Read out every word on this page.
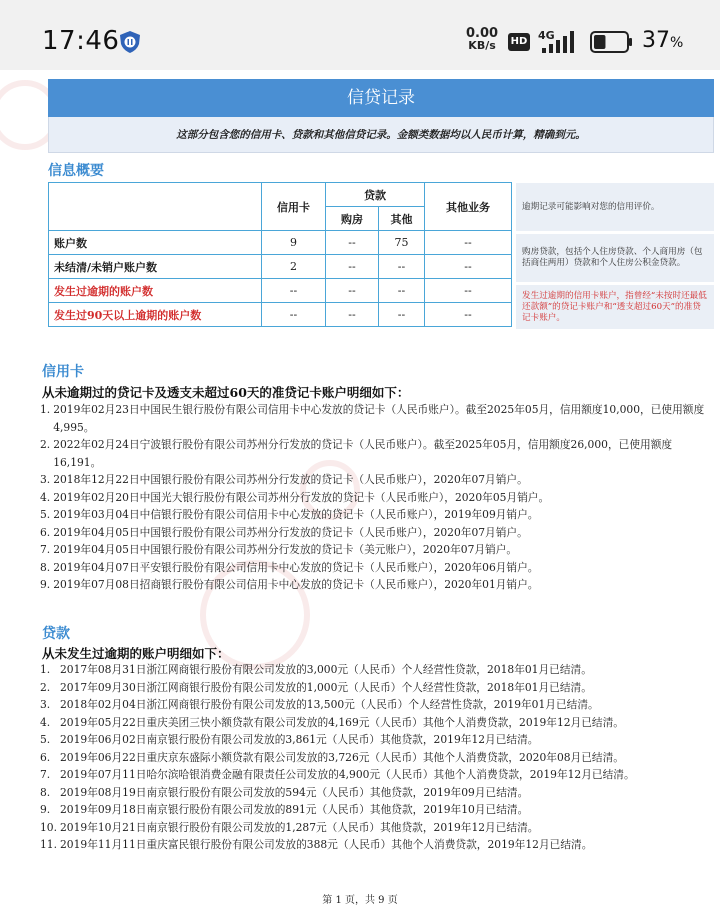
17:46	0.00
KB/s HD 4G	37%
信贷记录
这部分包含您的信用卡、贷款和其他信贷记录。金额类数据均以人民币计算，精确到元。
信息概要
	信用卡	贷款		其他业务
		购房	其他	
账户数	9	--	75	--
未结清/未销户账户数	2	--	--	--
发生过逾期的账户数	--	--	--	--
发生过90天以上逾期的账户数	--	--	--	--
逾期记录可能影响对您的信用评价。
购房贷款，包括个人住房贷款、个人商用房（包括商住两用）贷款和个人住房公积金贷款。
发生过逾期的信用卡账户，指曾经“未按时还最低还款额”的贷记卡账户和“透支超过60天”的准贷记卡账户。
信用卡
从未逾期过的贷记卡及透支未超过60天的准贷记卡账户明细如下：
1. 2019年02月23日中国民生银行股份有限公司信用卡中心发放的贷记卡（人民币账户）。截至2025年05月，信用额度10,000，已使用额度4,995。
2. 2022年02月24日宁波银行股份有限公司苏州分行发放的贷记卡（人民币账户）。截至2025年05月，信用额度26,000，已使用额度16,191。
3. 2018年12月22日中国银行股份有限公司苏州分行发放的贷记卡（人民币账户），2020年07月销户。
4. 2019年02月20日中国光大银行股份有限公司苏州分行发放的贷记卡（人民币账户），2020年05月销户。
5. 2019年03月04日中信银行股份有限公司信用卡中心发放的贷记卡（人民币账户），2019年09月销户。
6. 2019年04月05日中国银行股份有限公司苏州分行发放的贷记卡（人民币账户），2020年07月销户。
7. 2019年04月05日中国银行股份有限公司苏州分行发放的贷记卡（美元账户），2020年07月销户。
8. 2019年04月07日平安银行股份有限公司信用卡中心发放的贷记卡（人民币账户），2020年06月销户。
9. 2019年07月08日招商银行股份有限公司信用卡中心发放的贷记卡（人民币账户），2020年01月销户。
贷款
从未发生过逾期的账户明细如下：
1. 2017年08月31日浙江网商银行股份有限公司发放的3,000元（人民币）个人经营性贷款，2018年01月已结清。
2. 2017年09月30日浙江网商银行股份有限公司发放的1,000元（人民币）个人经营性贷款，2018年01月已结清。
3. 2018年02月04日浙江网商银行股份有限公司发放的13,500元（人民币）个人经营性贷款，2019年01月已结清。
4. 2019年05月22日重庆美团三快小额贷款有限公司发放的4,169元（人民币）其他个人消费贷款，2019年12月已结清。
5. 2019年06月02日南京银行股份有限公司发放的3,861元（人民币）其他贷款，2019年12月已结清。
6. 2019年06月22日重庆京东盛际小额贷款有限公司发放的3,726元（人民币）其他个人消费贷款，2020年08月已结清。
7. 2019年07月11日哈尔滨哈银消费金融有限责任公司发放的4,900元（人民币）其他个人消费贷款，2019年12月已结清。
8. 2019年08月19日南京银行股份有限公司发放的594元（人民币）其他贷款，2019年09月已结清。
9. 2019年09月18日南京银行股份有限公司发放的891元（人民币）其他贷款，2019年10月已结清。
10. 2019年10月21日南京银行股份有限公司发放的1,287元（人民币）其他贷款，2019年12月已结清。
11. 2019年11月11日重庆富民银行股份有限公司发放的388元（人民币）其他个人消费贷款，2019年12月已结清。
第 1 页，共 9 页
